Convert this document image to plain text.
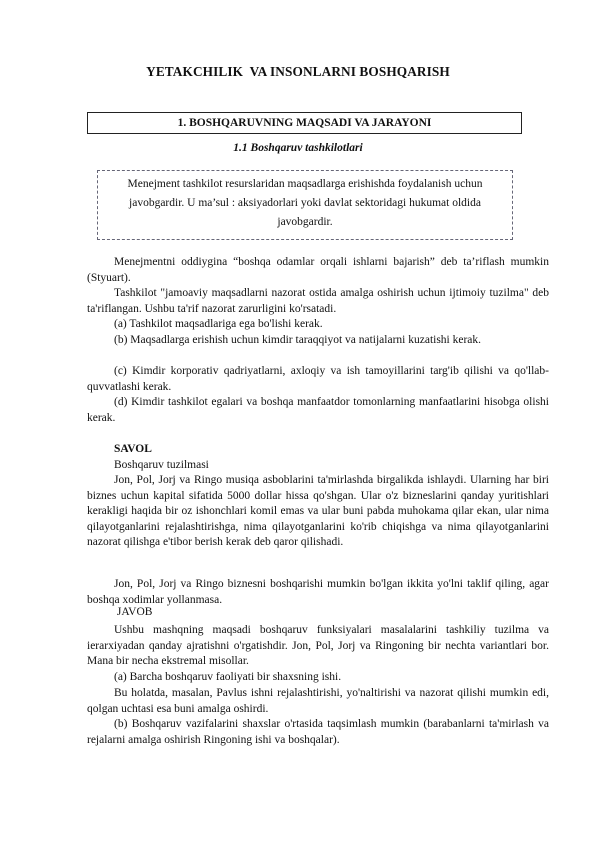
YETAKCHILIK  VA INSONLARNI BOSHQARISH
1. BOSHQARUVNING MAQSADI VA JARAYONI
1.1 Boshqaruv tashkilotlari
Menejment tashkilot resurslaridan maqsadlarga erishishda foydalanish uchun
javobgardir. U ma’sul : aksiyadorlari yoki davlat sektoridagi hukumat oldida
javobgardir.

Menejmentni oddiygina “boshqa odamlar orqali ishlarni bajarish” deb ta’riflash mumkin (Styuart).

Tashkilot "jamoaviy maqsadlarni nazorat ostida amalga oshirish uchun ijtimoiy tuzilma" deb ta'riflangan. Ushbu ta'rif nazorat zarurligini ko'rsatadi.

(a) Tashkilot maqsadlariga ega bo'lishi kerak.

(b) Maqsadlarga erishish uchun kimdir taraqqiyot va natijalarni kuzatishi kerak.

(c) Kimdir korporativ qadriyatlarni, axloqiy va ish tamoyillarini targ'ib qilishi va qo'llab-quvvatlashi kerak.

(d) Kimdir tashkilot egalari va boshqa manfaatdor tomonlarning manfaatlarini hisobga olishi kerak.

SAVOL

Boshqaruv tuzilmasi

Jon, Pol, Jorj va Ringo musiqa asboblarini ta'mirlashda birgalikda ishlaydi. Ularning har biri biznes uchun kapital sifatida 5000 dollar hissa qo'shgan. Ular o'z bizneslarini qanday yuritishlari kerakligi haqida bir oz ishonchlari komil emas va ular buni pabda muhokama qilar ekan, ular nima qilayotganlarini rejalashtirishga, nima qilayotganlarini ko'rib chiqishga va nima qilayotganlarini nazorat qilishga e'tibor berish kerak deb qaror qilishadi.

Jon, Pol, Jorj va Ringo biznesni boshqarishi mumkin bo'lgan ikkita yo'lni taklif qiling, agar boshqa xodimlar yollanmasa.

JAVOB

Ushbu mashqning maqsadi boshqaruv funksiyalari masalalarini tashkiliy tuzilma va ierarxiyadan qanday ajratishni o'rgatishdir. Jon, Pol, Jorj va Ringoning bir nechta variantlari bor. Mana bir necha ekstremal misollar.

(a) Barcha boshqaruv faoliyati bir shaxsning ishi.

Bu holatda, masalan, Pavlus ishni rejalashtirishi, yo'naltirishi va nazorat qilishi mumkin edi, qolgan uchtasi esa buni amalga oshirdi.

(b) Boshqaruv vazifalarini shaxslar o'rtasida taqsimlash mumkin (barabanlarni ta'mirlash va rejalarni amalga oshirish Ringoning ishi va boshqalar).
